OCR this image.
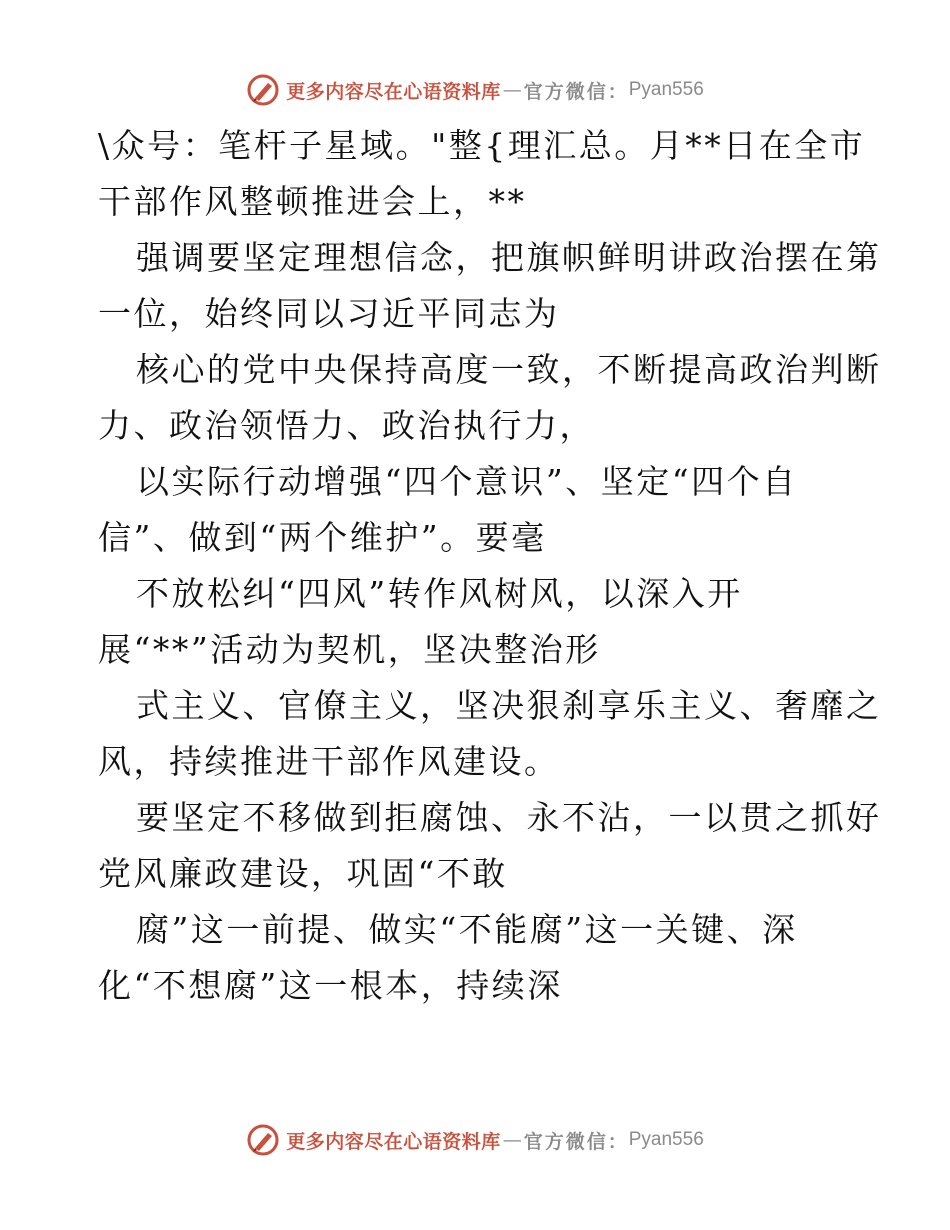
更多内容尽在心语资料库 — 官方微信： Pyan556
\众号：笔杆子星域。"整{理汇总。月**日在全市
干部作风整顿推进会上，**
强调要坚定理想信念，把旗帜鲜明讲政治摆在第
一位，始终同以习近平同志为
核心的党中央保持高度一致，不断提高政治判断
力、政治领悟力、政治执行力，
以实际行动增强“四个意识”、坚定“四个自
信”、做到“两个维护”。要毫
不放松纠“四风”转作风树风，以深入开
展“**”活动为契机，坚决整治形
式主义、官僚主义，坚决狠刹享乐主义、奢靡之
风，持续推进干部作风建设。
要坚定不移做到拒腐蚀、永不沾，一以贯之抓好
党风廉政建设，巩固“不敢
腐”这一前提、做实“不能腐”这一关键、深
化“不想腐”这一根本，持续深
更多内容尽在心语资料库 — 官方微信： Pyan556
